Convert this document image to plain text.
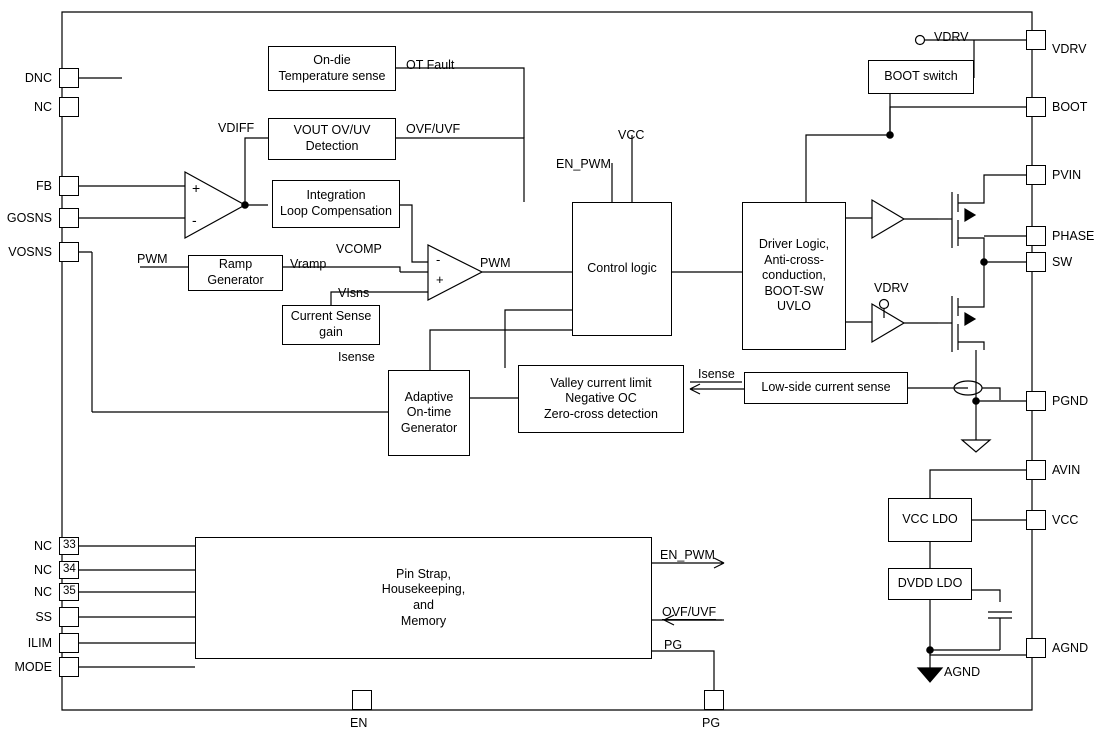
DNC
NC
FB
GOSNS
VOSNS
NC 33
NC 34
NC 35
SS
ILIM
MODE
VDRV
BOOT
PVIN
PHASE
SW
PGND
AVIN
VCC
AGND
EN	PG
On-die
Temperature sense
VOUT OV/UV
Detection
Integration
Loop Compensation
Ramp
Generator
Current Sense
gain
Adaptive
On-time
Generator
Control logic
Valley current limit
Negative OC
Zero-cross detection
Low-side current sense
Driver Logic,
Anti-cross-
conduction,
BOOT-SW
UVLO
BOOT switch
VCC LDO
DVDD LDO
Pin Strap,
Housekeeping,
and
Memory
OT Fault
VDIFF	OVF/UVF	VCC
EN_PWM
VCOMP
PWM	Vramp	PWM
VIsns
Isense
Isense
VDRV
VDRV
EN_PWM
OVF/UVF
PG
AGND
+
-
-
+
